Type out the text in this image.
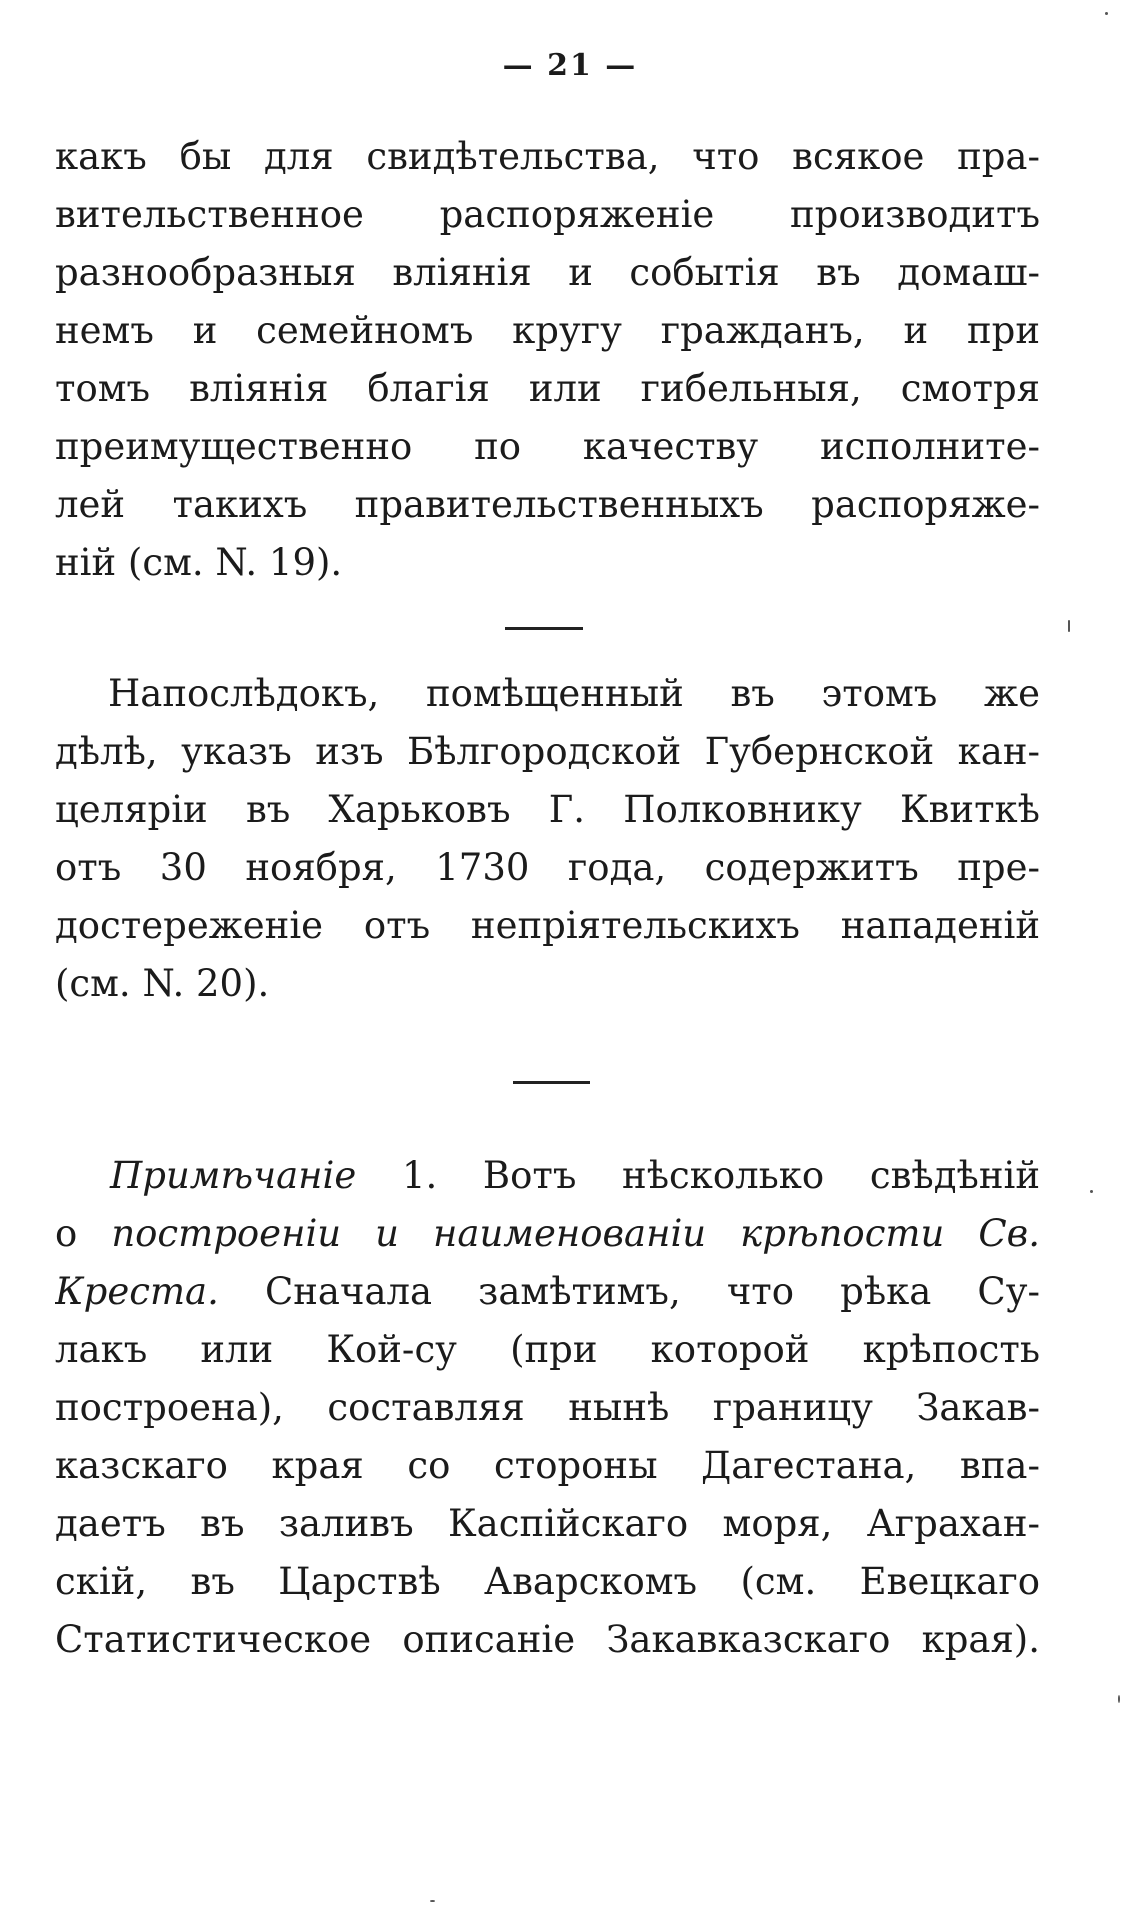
— 21 —
какъ бы для свидѣтельства, что всякое пра-
вительственное распоряженіе производитъ
разнообразныя вліянія и событія въ домаш-
немъ и семейномъ кругу гражданъ, и при
томъ вліянія благія или гибельныя, смотря
преимущественно по качеству исполните-
лей такихъ правительственныхъ распоряже-
ній (см. N. 19).
Напослѣдокъ, помѣщенный въ этомъ же
дѣлѣ, указъ изъ Бѣлгородской Губернской кан-
целяріи въ Харьковъ Г. Полковнику Квиткѣ
отъ 30 ноября, 1730 года, содержитъ пре-
достереженіе отъ непріятельскихъ нападеній
(см. N. 20).
Примѣчаніе 1. Вотъ нѣсколько свѣдѣній
о построеніи и наименованіи крѣпости Св.
Креста. Сначала замѣтимъ, что рѣка Су-
лакъ или Кой-су (при которой крѣпость
построена), составляя нынѣ границу Закав-
казскаго края со стороны Дагестана, впа-
даетъ въ заливъ Каспійскаго моря, Аграхан-
скій, въ Царствѣ Аварскомъ (см. Евецкаго
Статистическое описаніе Закавказскаго края).
